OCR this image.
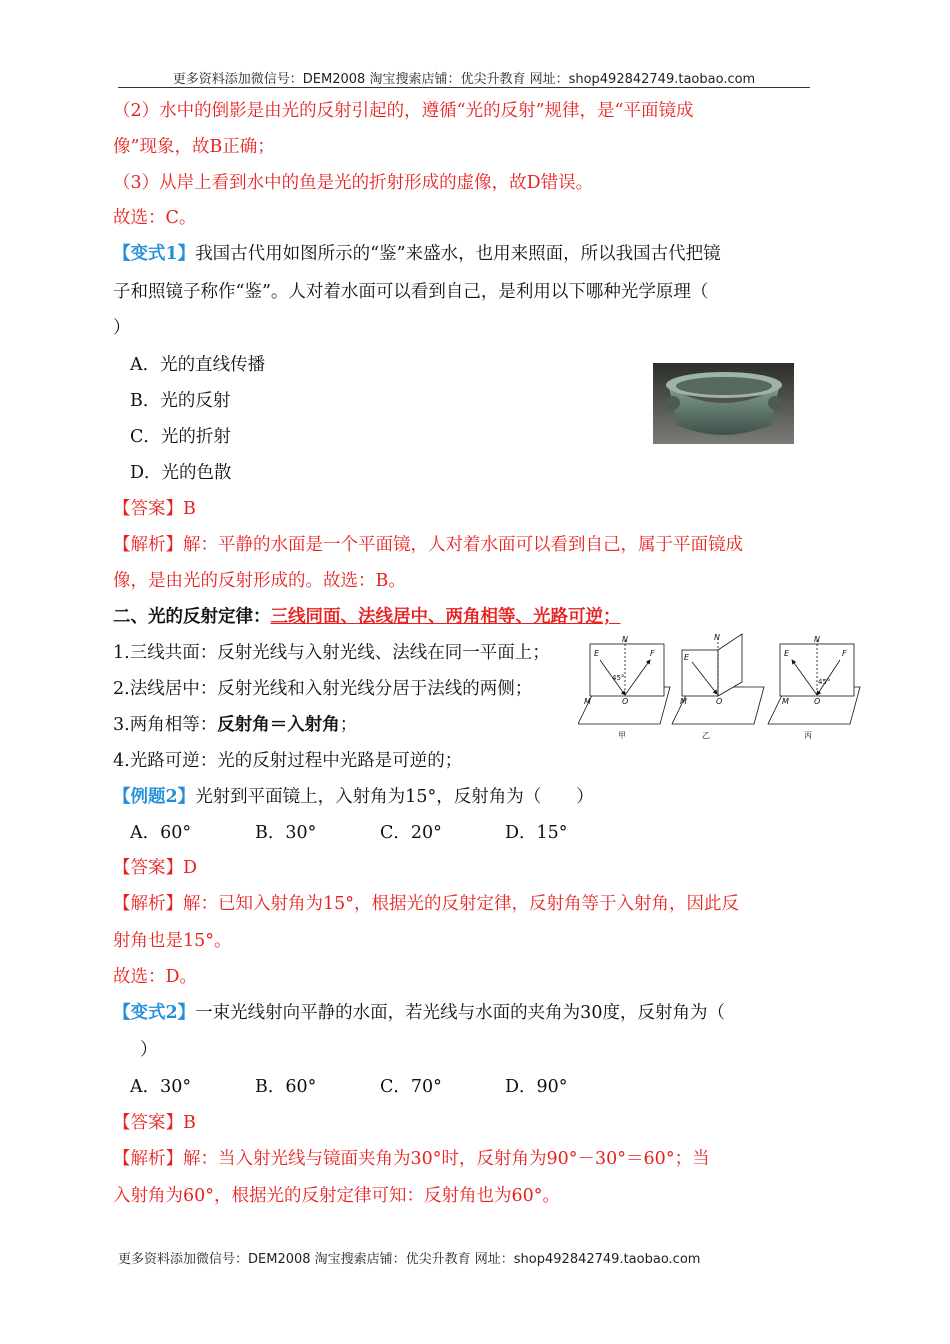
更多资料添加微信号：DEM2008 淘宝搜索店铺：优尖升教育 网址：shop492842749.taobao.com
（2）水中的倒影是由光的反射引起的，遵循“光的反射”规律，是“平面镜成
像”现象，故B正确；
（3）从岸上看到水中的鱼是光的折射形成的虚像，故D错误。
故选：C。
【变式1】我国古代用如图所示的“鉴”来盛水，也用来照面，所以我国古代把镜
子和照镜子称作“鉴”。人对着水面可以看到自己，是利用以下哪种光学原理（
）
A．光的直线传播
B．光的反射
C．光的折射
D．光的色散
【答案】B
【解析】解：平静的水面是一个平面镜，人对着水面可以看到自己，属于平面镜成
像，是由光的反射形成的。故选：B。
二、光的反射定律：三线同面、法线居中、两角相等、光路可逆；
1.三线共面：反射光线与入射光线、法线在同一平面上；
2.法线居中：反射光线和入射光线分居于法线的两侧；
3.两角相等：反射角＝入射角；
4.光路可逆：光的反射过程中光路是可逆的；
N
E	F
45°
M	O
甲
N
E
M	O
乙
N
E	F
45°
M	O
丙
【例题2】光射到平面镜上，入射角为15°，反射角为（　　）
A．60°	B．30°	C．20°	D．15°
【答案】D
【解析】解：已知入射角为15°，根据光的反射定律，反射角等于入射角，因此反
射角也是15°。
故选：D。
【变式2】一束光线射向平静的水面，若光线与水面的夹角为30度，反射角为（
）
A．30°	B．60°	C．70°	D．90°
【答案】B
【解析】解：当入射光线与镜面夹角为30°时，反射角为90°－30°＝60°；当
入射角为60°，根据光的反射定律可知：反射角也为60°。
更多资料添加微信号：DEM2008 淘宝搜索店铺：优尖升教育 网址：shop492842749.taobao.com
